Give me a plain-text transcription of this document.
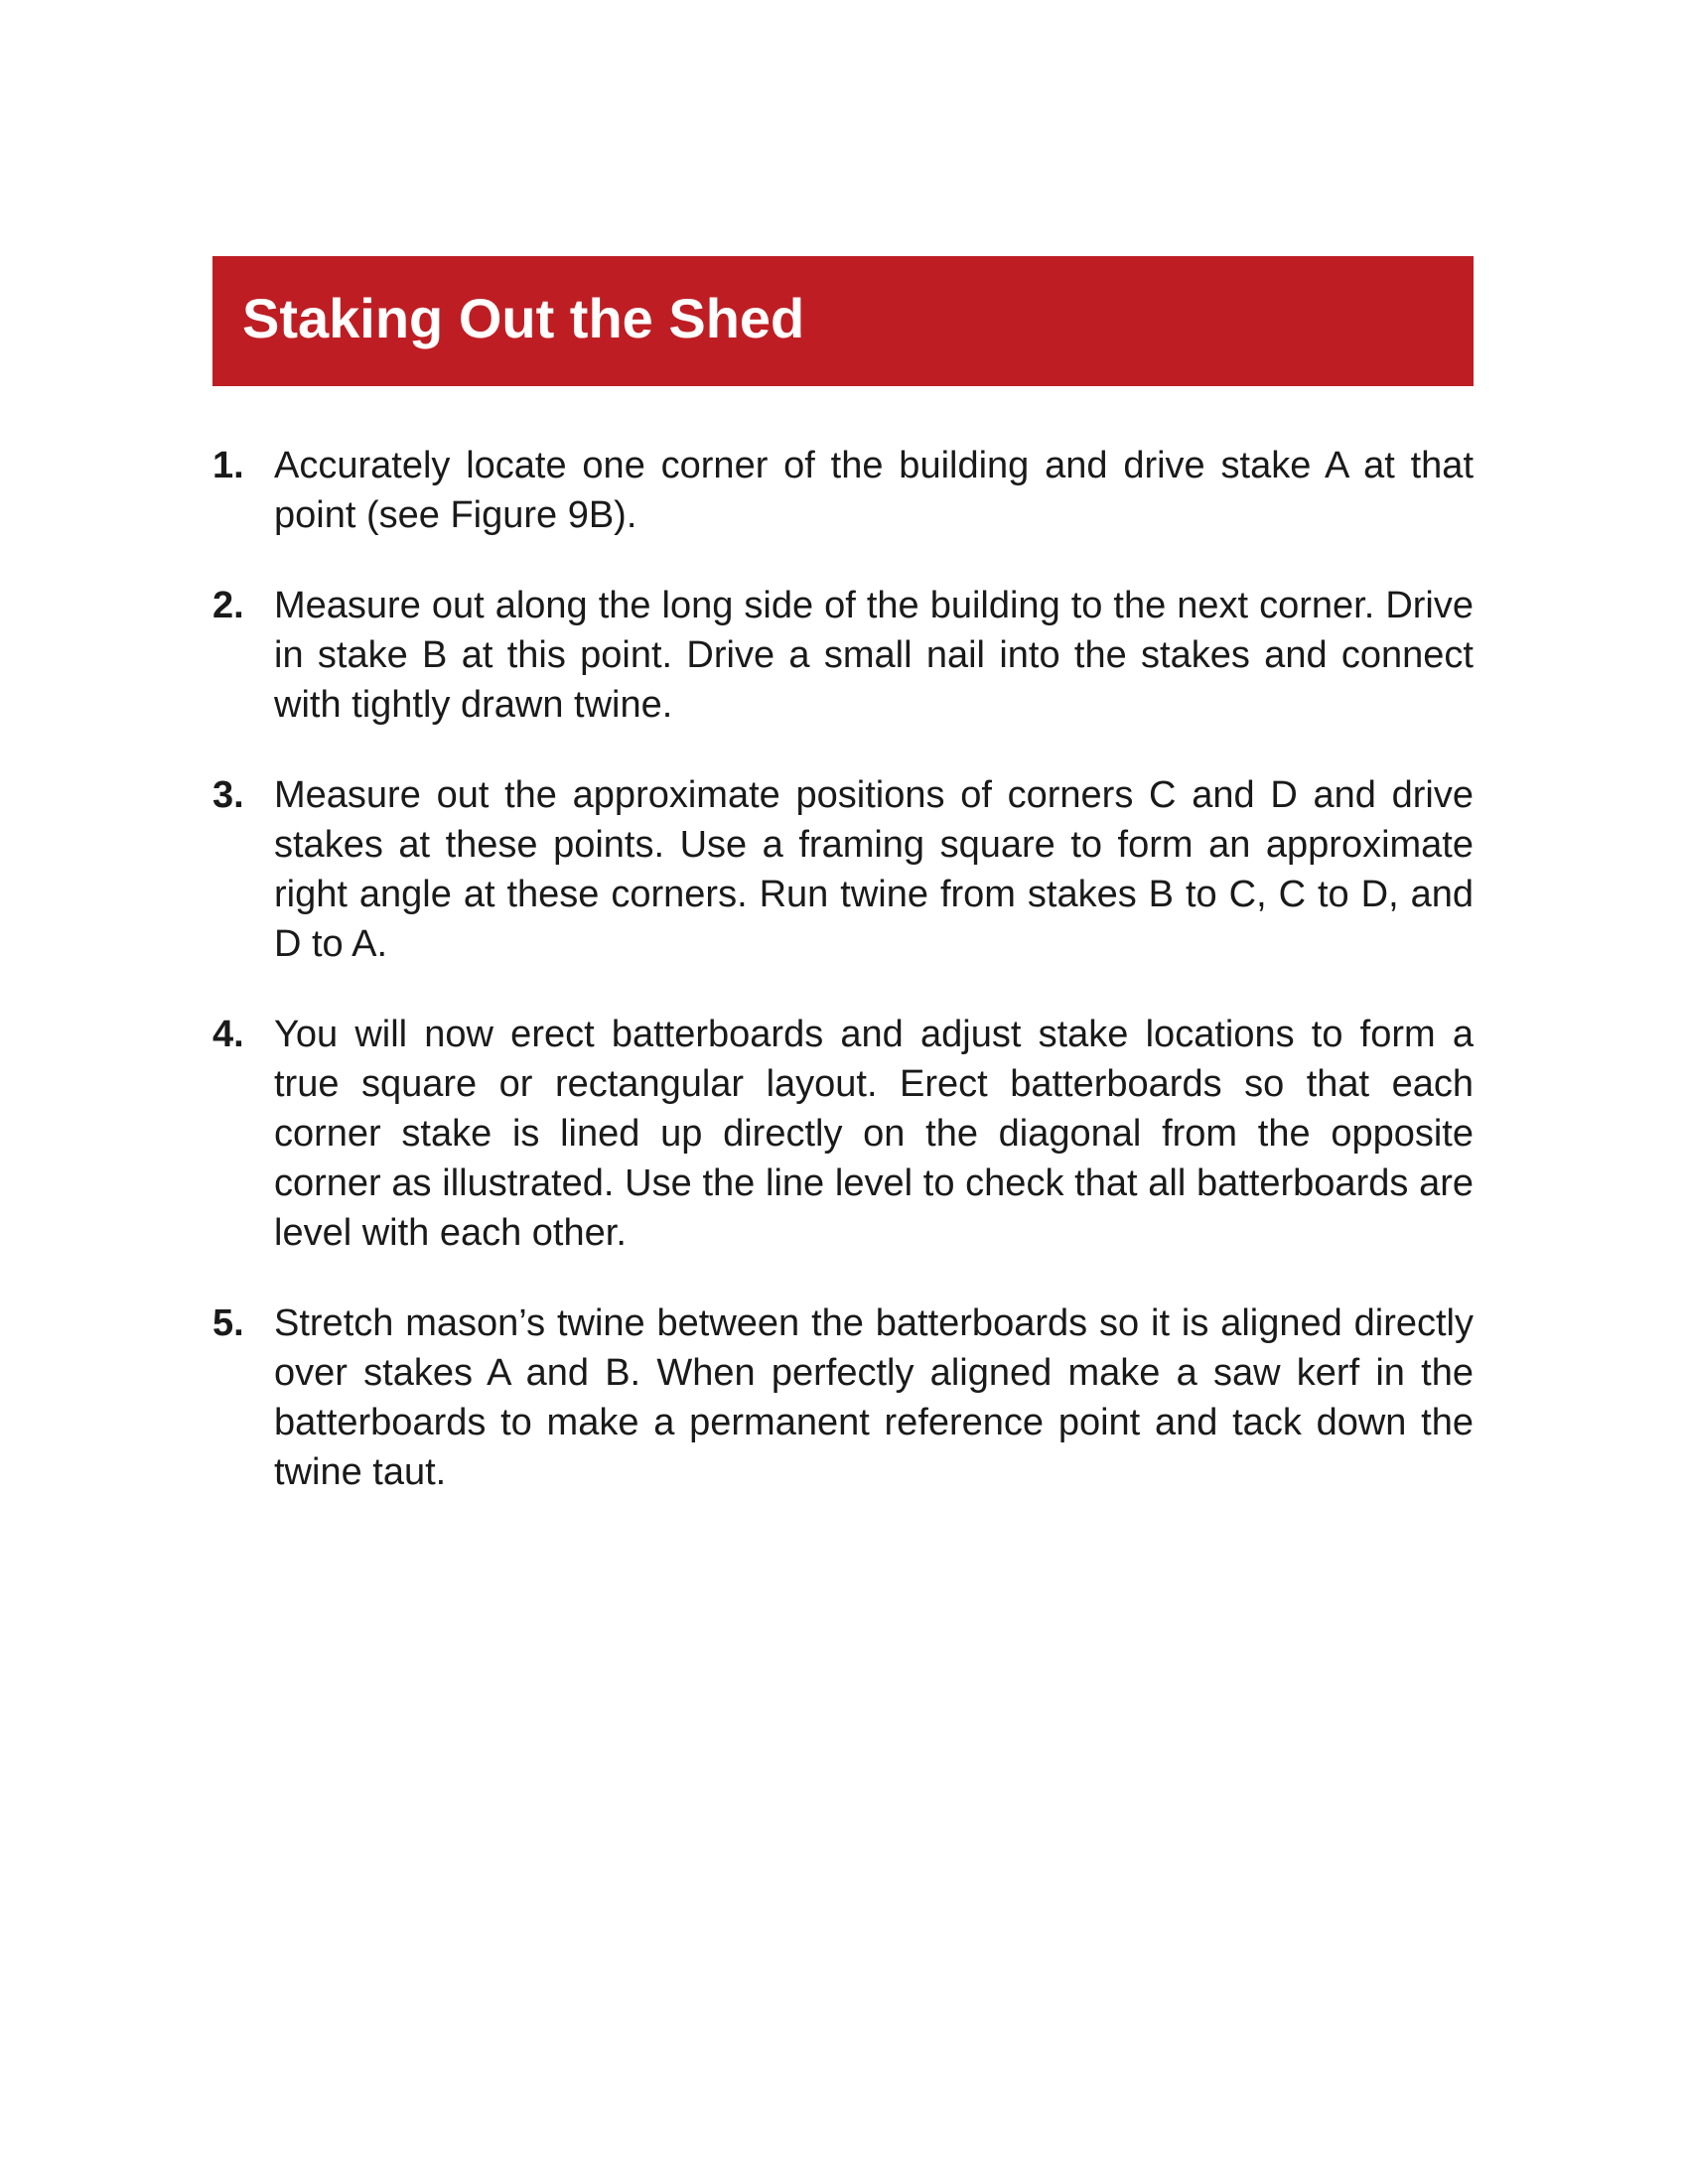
Staking Out the Shed
1. Accurately locate one corner of the building and drive stake A at that point (see Figure 9B).
2. Measure out along the long side of the building to the next corner. Drive in stake B at this point. Drive a small nail into the stakes and connect with tightly drawn twine.
3. Measure out the approximate positions of corners C and D and drive stakes at these points. Use a framing square to form an approximate right angle at these corners. Run twine from stakes B to C, C to D, and D to A.
4. You will now erect batterboards and adjust stake locations to form a true square or rectangular layout. Erect batterboards so that each corner stake is lined up directly on the diagonal from the opposite corner as illustrated. Use the line level to check that all batterboards are level with each other.
5. Stretch mason’s twine between the batterboards so it is aligned directly over stakes A and B. When perfectly aligned make a saw kerf in the batterboards to make a permanent reference point and tack down the twine taut.
